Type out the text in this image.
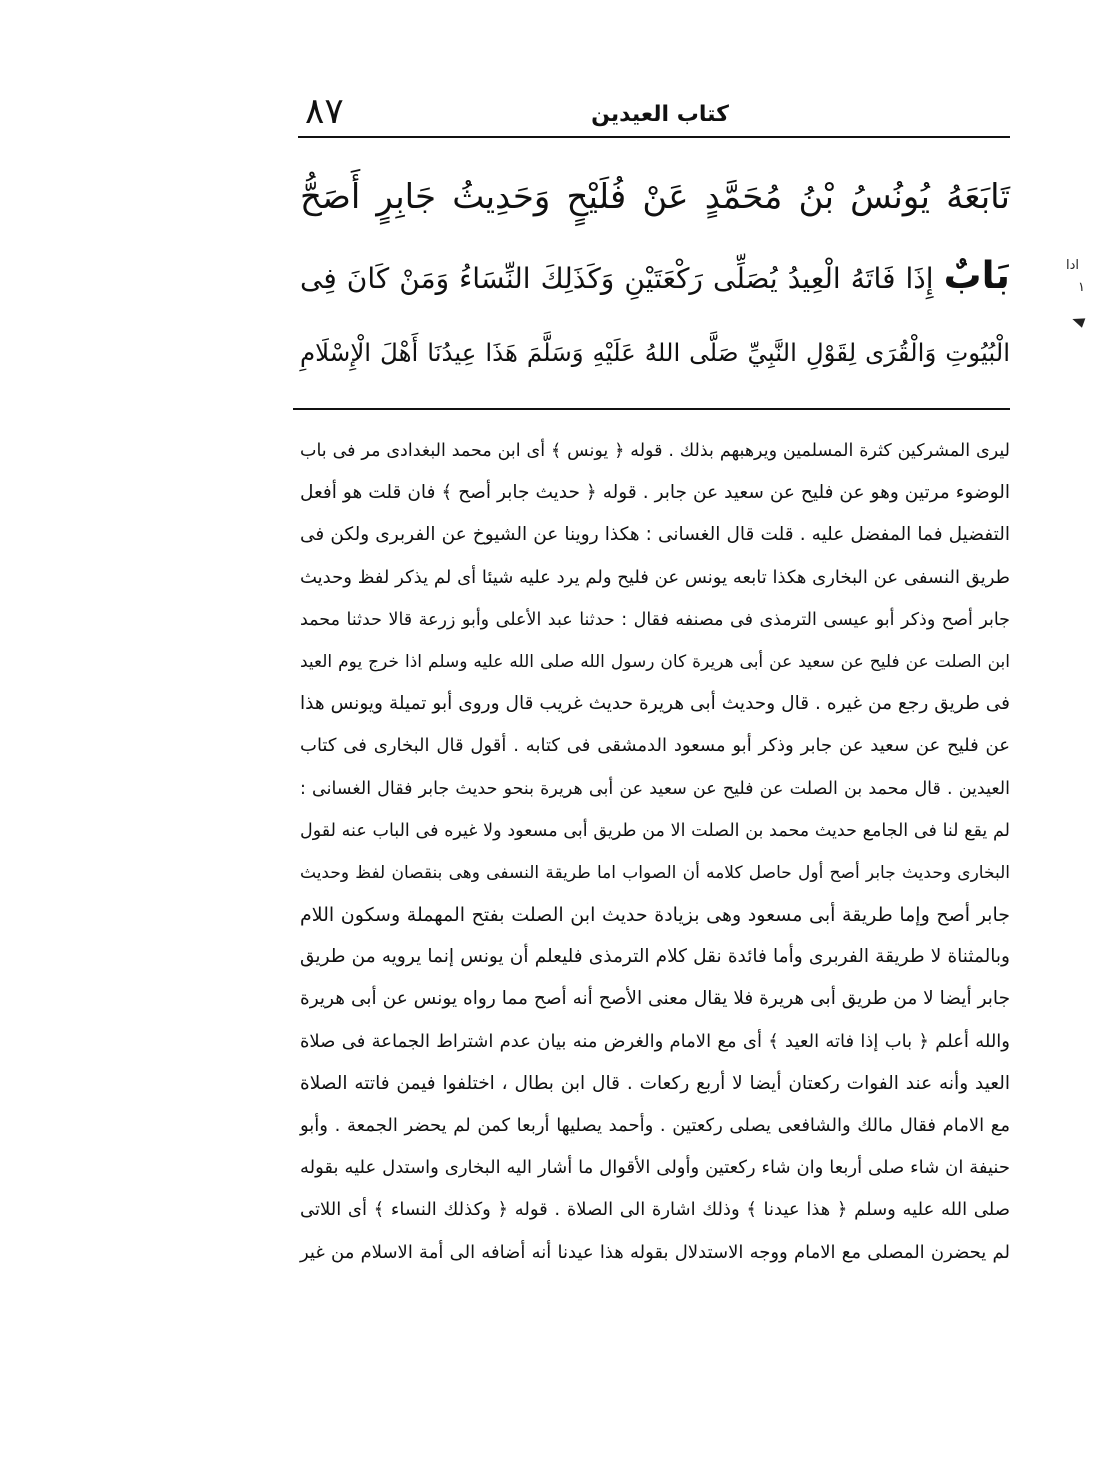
٨٧	كتاب العيدين
تَابَعَهُ يُونُسُ بْنُ مُحَمَّدٍ عَنْ فُلَيْحٍ وَحَدِيثُ جَابِرٍ أَصَحُّ
بَابٌ إِذَا فَاتَهُ الْعِيدُ يُصَلِّى رَكْعَتَيْنِ وَكَذَلِكَ النِّسَاءُ وَمَنْ كَانَ فِى
الْبُيُوتِ وَالْقُرَى لِقَوْلِ النَّبِيِّ صَلَّى اللهُ عَلَيْهِ وَسَلَّمَ هَذَا عِيدُنَا أَهْلَ الْإِسْلَامِ
ادا
١
ليرى المشركين كثرة المسلمين ويرهبهم بذلك . قوله ﴿ يونس ﴾ أى ابن محمد البغدادى مر فى باب
الوضوء مرتين وهو عن فليح عن سعيد عن جابر . قوله ﴿ حديث جابر أصح ﴾ فان قلت هو أفعل
التفضيل فما المفضل عليه . قلت قال الغسانى : هكذا روينا عن الشيوخ عن الفربرى ولكن فى
طريق النسفى عن البخارى هكذا تابعه يونس عن فليح ولم يرد عليه شيئا أى لم يذكر لفظ وحديث
جابر أصح وذكر أبو عيسى الترمذى فى مصنفه فقال : حدثنا عبد الأعلى وأبو زرعة قالا حدثنا محمد
ابن الصلت عن فليح عن سعيد عن أبى هريرة كان رسول الله صلى الله عليه وسلم اذا خرج يوم العيد
فى طريق رجع من غيره . قال وحديث أبى هريرة حديث غريب قال وروى أبو تميلة ويونس هذا
عن فليح عن سعيد عن جابر وذكر أبو مسعود الدمشقى فى كتابه . أقول قال البخارى فى كتاب
العيدين . قال محمد بن الصلت عن فليح عن سعيد عن أبى هريرة بنحو حديث جابر فقال الغسانى :
لم يقع لنا فى الجامع حديث محمد بن الصلت الا من طريق أبى مسعود ولا غيره فى الباب عنه لقول
البخارى وحديث جابر أصح أول حاصل كلامه أن الصواب اما طريقة النسفى وهى بنقصان لفظ وحديث
جابر أصح وإما طريقة أبى مسعود وهى بزيادة حديث ابن الصلت بفتح المهملة وسكون اللام
وبالمثناة لا طريقة الفربرى وأما فائدة نقل كلام الترمذى فليعلم أن يونس إنما يرويه من طريق
جابر أيضا لا من طريق أبى هريرة فلا يقال معنى الأصح أنه أصح مما رواه يونس عن أبى هريرة
والله أعلم ﴿ باب إذا فاته العيد ﴾ أى مع الامام والغرض منه بيان عدم اشتراط الجماعة فى صلاة
العيد وأنه عند الفوات ركعتان أيضا لا أربع ركعات . قال ابن بطال ، اختلفوا فيمن فاتته الصلاة
مع الامام فقال مالك والشافعى يصلى ركعتين . وأحمد يصليها أربعا كمن لم يحضر الجمعة . وأبو
حنيفة ان شاء صلى أربعا وان شاء ركعتين وأولى الأقوال ما أشار اليه البخارى واستدل عليه بقوله
صلى الله عليه وسلم ﴿ هذا عيدنا ﴾ وذلك اشارة الى الصلاة . قوله ﴿ وكذلك النساء ﴾ أى اللاتى
لم يحضرن المصلى مع الامام ووجه الاستدلال بقوله هذا عيدنا أنه أضافه الى أمة الاسلام من غير
